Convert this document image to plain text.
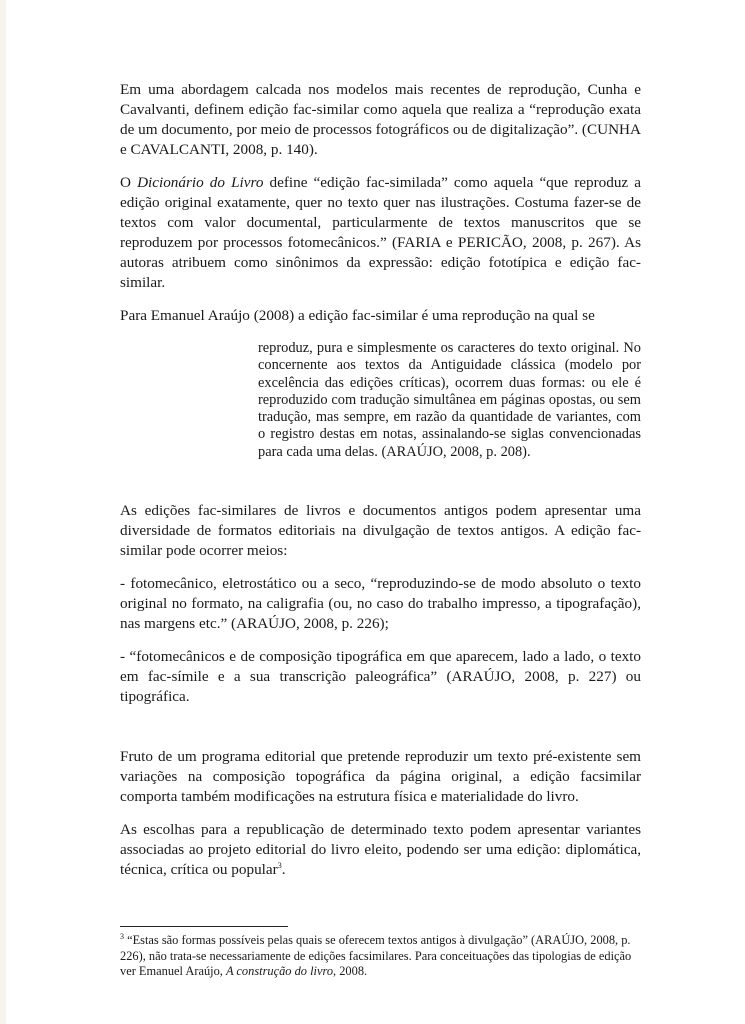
Em uma abordagem calcada nos modelos mais recentes de reprodução, Cunha e Cavalvanti, definem edição fac-similar como aquela que realiza a “reprodução exata de um documento, por meio de processos fotográficos ou de digitalização”. (CUNHA e CAVALCANTI, 2008, p. 140).

O Dicionário do Livro define “edição fac-similada” como aquela “que reproduz a edição original exatamente, quer no texto quer nas ilustrações. Costuma fazer-se de textos com valor documental, particularmente de textos manuscritos que se reproduzem por processos fotomecânicos.” (FARIA e PERICÃO, 2008, p. 267). As autoras atribuem como sinônimos da expressão: edição fototípica e edição fac-similar.

Para Emanuel Araújo (2008) a edição fac-similar é uma reprodução na qual se

reproduz, pura e simplesmente os caracteres do texto original. No concernente aos textos da Antiguidade clássica (modelo por excelência das edições críticas), ocorrem duas formas: ou ele é reproduzido com tradução simultânea em páginas opostas, ou sem tradução, mas sempre, em razão da quantidade de variantes, com o registro destas em notas, assinalando-se siglas convencionadas para cada uma delas. (ARAÚJO, 2008, p. 208).

As edições fac-similares de livros e documentos antigos podem apresentar uma diversidade de formatos editoriais na divulgação de textos antigos. A edição fac-similar pode ocorrer meios:

- fotomecânico, eletrostático ou a seco, “reproduzindo-se de modo absoluto o texto original no formato, na caligrafia (ou, no caso do trabalho impresso, a tipografação), nas margens etc.” (ARAÚJO, 2008, p. 226);

- “fotomecânicos e de composição tipográfica em que aparecem, lado a lado, o texto em fac-símile e a sua transcrição paleográfica” (ARAÚJO, 2008, p. 227) ou tipográfica.

Fruto de um programa editorial que pretende reproduzir um texto pré-existente sem variações na composição topográfica da página original, a edição facsimilar comporta também modificações na estrutura física e materialidade do livro.

As escolhas para a republicação de determinado texto podem apresentar variantes associadas ao projeto editorial do livro eleito, podendo ser uma edição: diplomática, técnica, crítica ou popular$^3$.

$^3$ “Estas são formas possíveis pelas quais se oferecem textos antigos à divulgação” (ARAÚJO, 2008, p. 226), não trata-se necessariamente de edições facsimilares. Para conceituações das tipologias de edição ver Emanuel Araújo, A construção do livro, 2008.
